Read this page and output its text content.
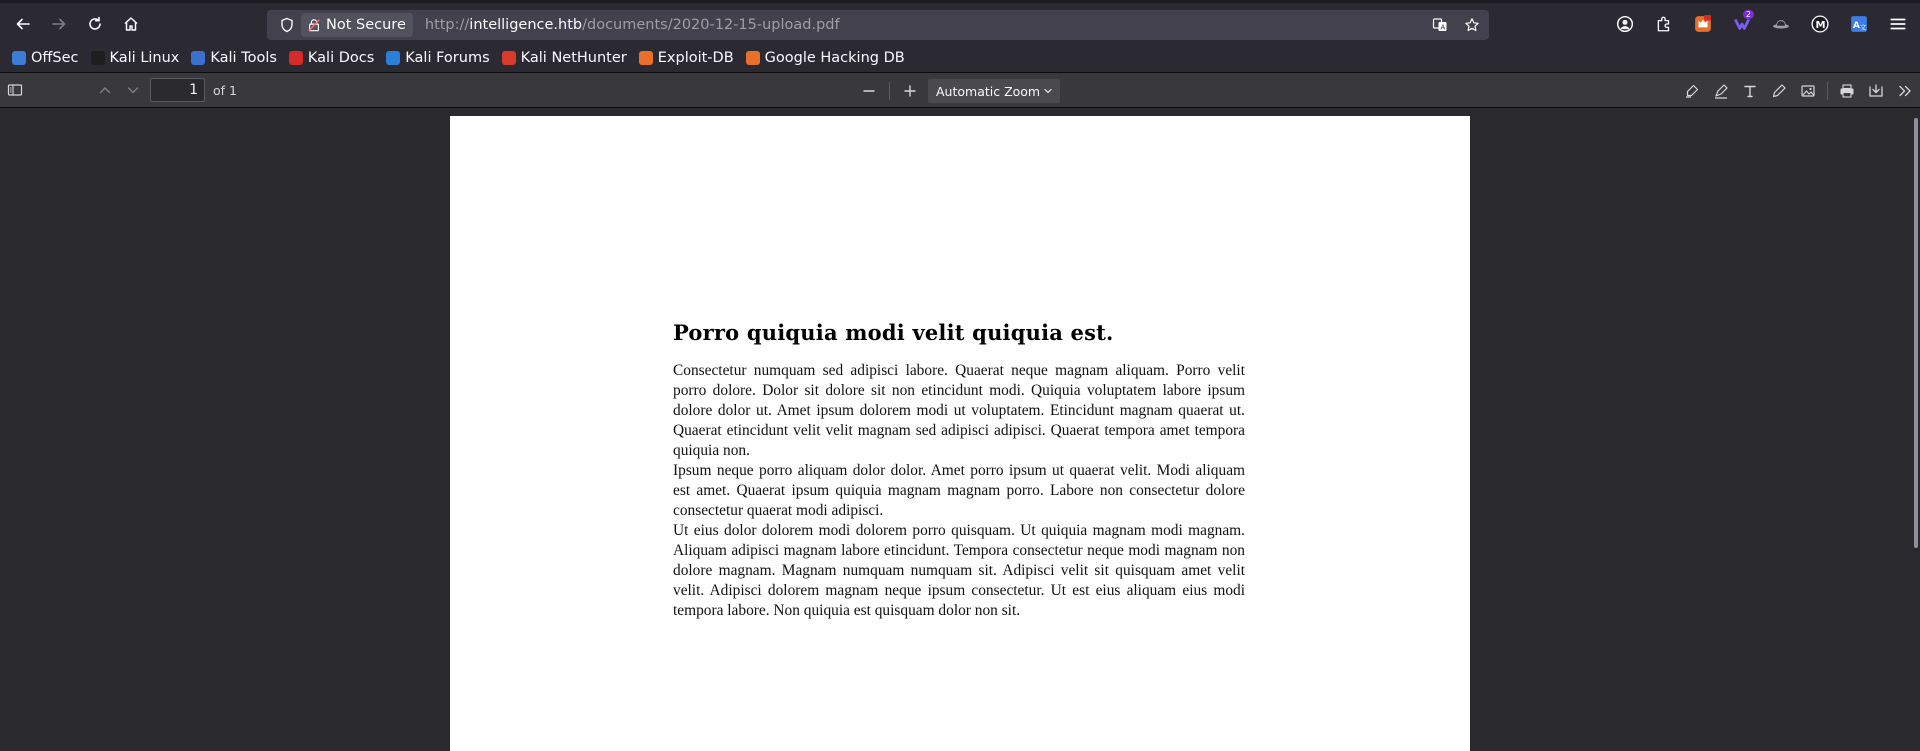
Not Secure http://intelligence.htb/documents/2020-12-15-upload.pdf	A
2
M	A 文
OffSec Kali Linux Kali Tools Kali Docs Kali Forums Kali NetHunter Exploit-DB Google Hacking DB
1	of 1	Automatic Zoom
Porro quiquia modi velit quiquia est.

Consectetur numquam sed adipisci labore. Quaerat neque magnam aliquam. Porro velit porro dolore. Dolor sit dolore sit non etincidunt modi. Quiquia voluptatem labore ipsum dolore dolor ut. Amet ipsum dolorem modi ut voluptatem. Etincidunt magnam quaerat ut. Quaerat etincidunt velit velit magnam sed adipisci adipisci. Quaerat tempora amet tempora quiquia non.

Ipsum neque porro aliquam dolor dolor. Amet porro ipsum ut quaerat velit. Modi aliquam est amet. Quaerat ipsum quiquia magnam magnam porro. Labore non consectetur dolore consectetur quaerat modi adipisci.

Ut eius dolor dolorem modi dolorem porro quisquam. Ut quiquia magnam modi magnam. Aliquam adipisci magnam labore etincidunt. Tempora consectetur neque modi magnam non dolore magnam. Magnam numquam numquam sit. Adipisci velit sit quisquam amet velit velit. Adipisci dolorem magnam neque ipsum consectetur. Ut est eius aliquam eius modi tempora labore. Non quiquia est quisquam dolor non sit.
